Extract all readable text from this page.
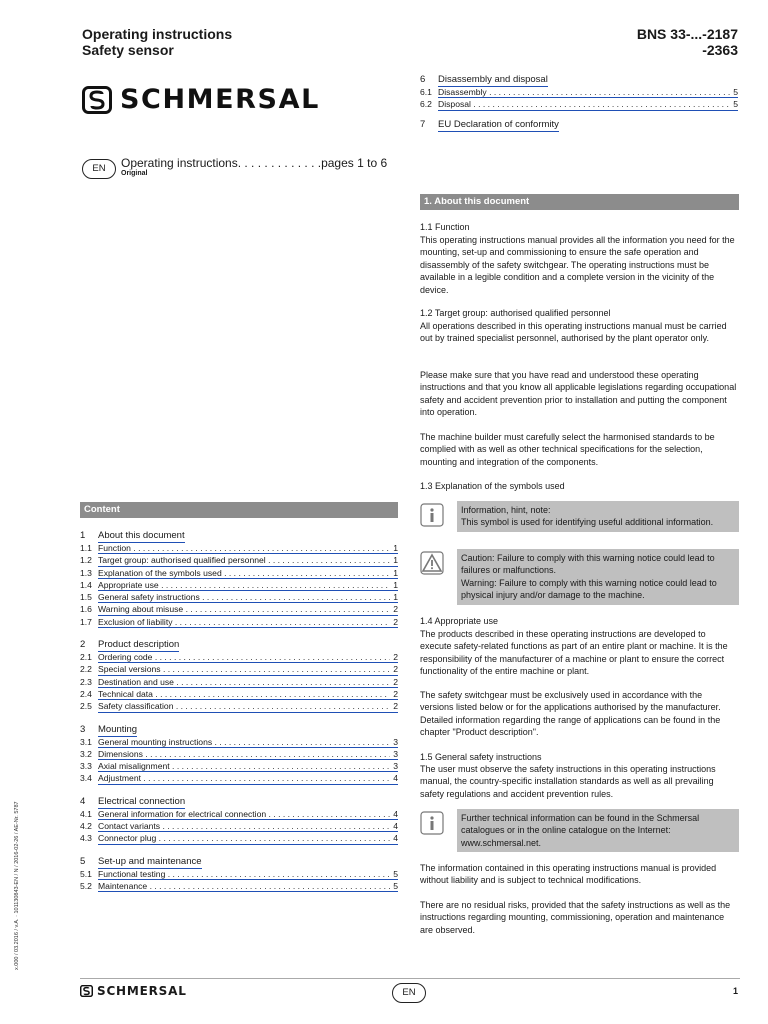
Operating instructions
Safety sensor
BNS 33-...-2187
-2363
SCHMERSAL
EN	Operating instructions. . . . . . . . . . . . .pages 1 to 6
Original
Content
1 About this document
1.1 Function . . .	1
1.2 Target group: authorised qualified personnel . . .	1
1.3 Explanation of the symbols used . . .	1
1.4 Appropriate use . . .	1
1.5 General safety instructions . . .	1
1.6 Warning about misuse . . .	2
1.7 Exclusion of liability . . .	2
2 Product description
2.1 Ordering code . . .	2
2.2 Special versions . . .	2
2.3 Destination and use . . .	2
2.4 Technical data . . .	2
2.5 Safety classification . . .	2
3 Mounting
3.1 General mounting instructions . . .	3
3.2 Dimensions . . .	3
3.3 Axial misalignment . . .	3
3.4 Adjustment . . .	4
4 Electrical connection
4.1 General information for electrical connection . . .	4
4.2 Contact variants . . .	4
4.3 Connector plug . . .	4
5 Set-up and maintenance
5.1 Functional testing . . .	5
5.2 Maintenance . . .	5
6 Disassembly and disposal
6.1 Disassembly . . .	5
6.2 Disposal . . .	5
7 EU Declaration of conformity
1. About this document
1.1 Function
This operating instructions manual provides all the information you need for the mounting, set-up and commissioning to ensure the safe operation and disassembly of the safety switchgear. The operating instructions must be available in a legible condition and a complete version in the vicinity of the device.
1.2 Target group: authorised qualified personnel
All operations described in this operating instructions manual must be carried out by trained specialist personnel, authorised by the plant operator only.
Please make sure that you have read and understood these operating instructions and that you know all applicable legislations regarding occupational safety and accident prevention prior to installation and putting the component into operation.
The machine builder must carefully select the harmonised standards to be complied with as well as other technical specifications for the selection, mounting and integration of the components.
1.3 Explanation of the symbols used
Information, hint, note:
This symbol is used for identifying useful additional information.
Caution: Failure to comply with this warning notice could lead to failures or malfunctions.
Warning: Failure to comply with this warning notice could lead to physical injury and/or damage to the machine.
1.4 Appropriate use
The products described in these operating instructions are developed to execute safety-related functions as part of an entire plant or machine. It is the responsibility of the manufacturer of a machine or plant to ensure the correct functionality of the entire machine or plant.
The safety switchgear must be exclusively used in accordance with the versions listed below or for the applications authorised by the manufacturer. Detailed information regarding the range of applications can be found in the chapter "Product description".
1.5 General safety instructions
The user must observe the safety instructions in this operating instructions manual, the country-specific installation standards as well as all prevailing safety regulations and accident prevention rules.
Further technical information can be found in the Schmersal catalogues or in the online catalogue on the Internet: www.schmersal.net.
The information contained in this operating instructions manual is provided without liability and is subject to technical modifications.
There are no residual risks, provided that the safety instructions as well as the instructions regarding mounting, commissioning, operation and maintenance are observed.
x.000 / 03.2016 / v.A. · 101130843-EN / N / 2016-02-26 / AE-Nr. 5787
SCHMERSAL	EN	1
